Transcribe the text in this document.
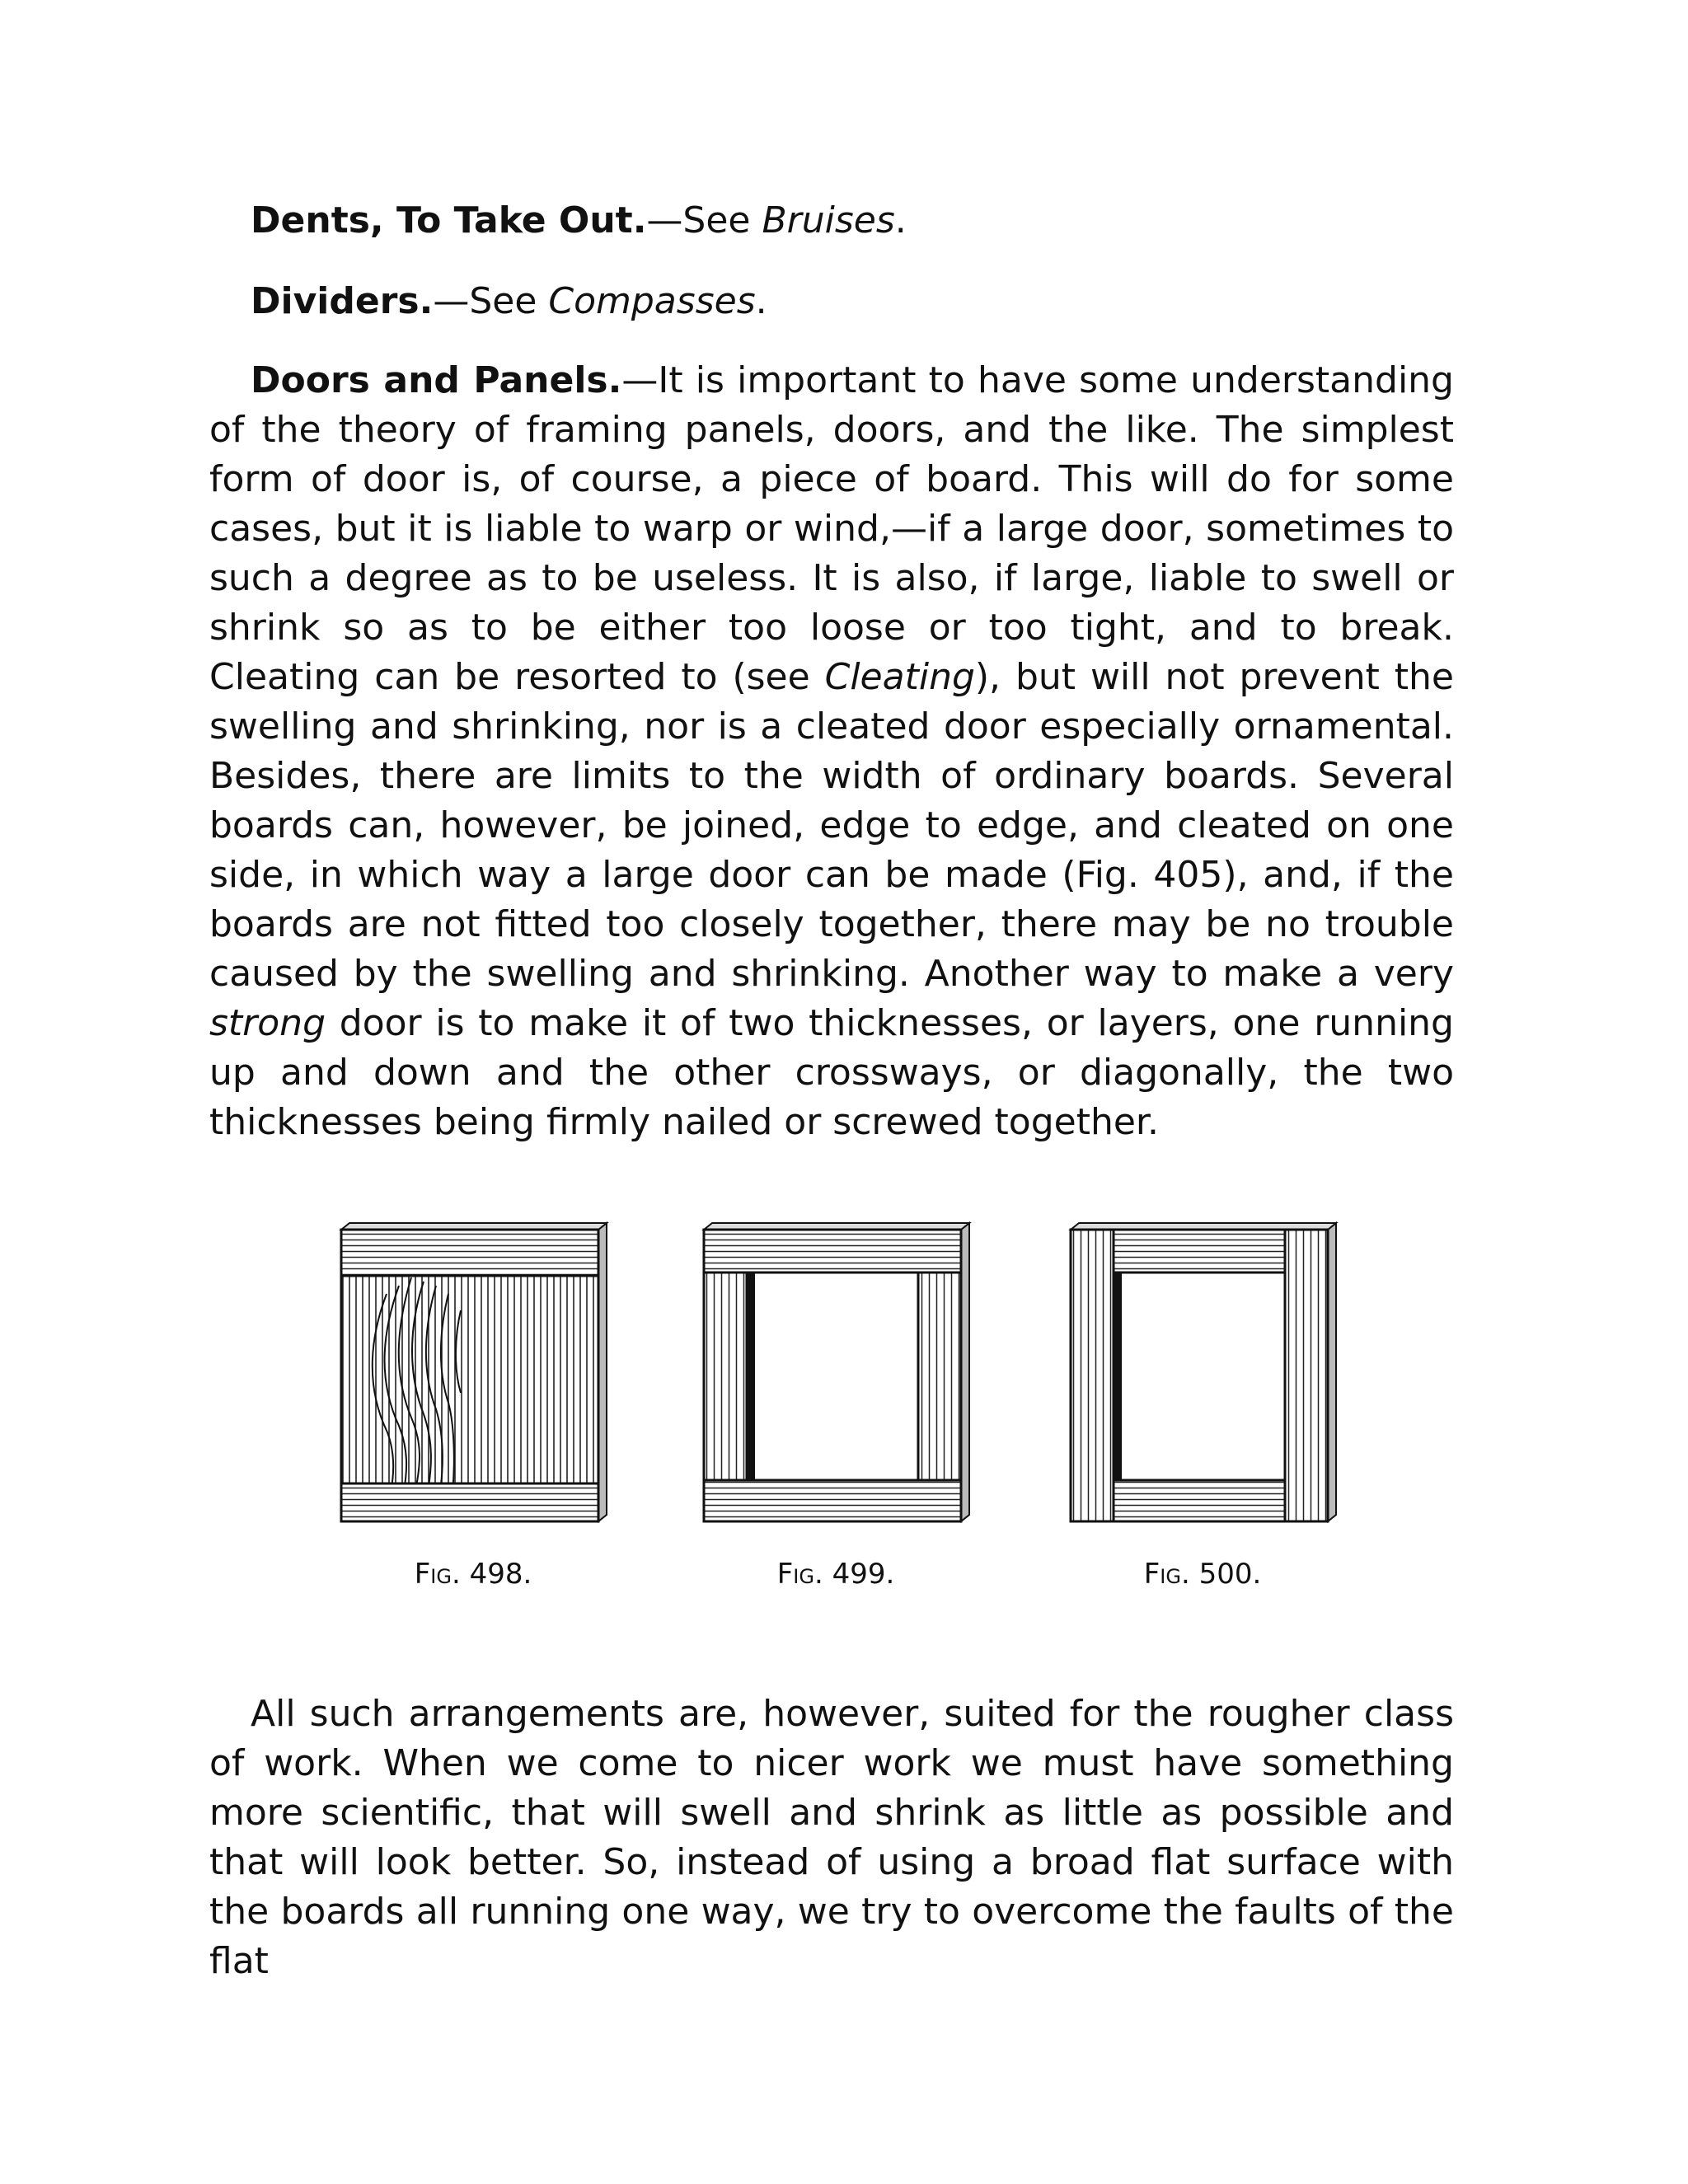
Dents, To Take Out.—See Bruises.

Dividers.—See Compasses.

Doors and Panels.—It is important to have some understanding of the theory of framing panels, doors, and the like. The simplest form of door is, of course, a piece of board. This will do for some cases, but it is liable to warp or wind,—if a large door, sometimes to such a degree as to be useless. It is also, if large, liable to swell or shrink so as to be either too loose or too tight, and to break. Cleating can be resorted to (see Cleating), but will not prevent the swelling and shrinking, nor is a cleated door especially ornamental. Besides, there are limits to the width of ordinary boards. Several boards can, however, be joined, edge to edge, and cleated on one side, in which way a large door can be made (Fig. 405), and, if the boards are not fitted too closely together, there may be no trouble caused by the swelling and shrinking. Another way to make a very strong door is to make it of two thicknesses, or layers, one running up and down and the other crossways, or diagonally, the two thicknesses being firmly nailed or screwed together.

Fig. 498.	Fig. 499.	Fig. 500.

All such arrangements are, however, suited for the rougher class of work. When we come to nicer work we must have something more scientific, that will swell and shrink as little as possible and that will look better. So, instead of using a broad flat surface with the boards all running one way, we try to overcome the faults of the flat
